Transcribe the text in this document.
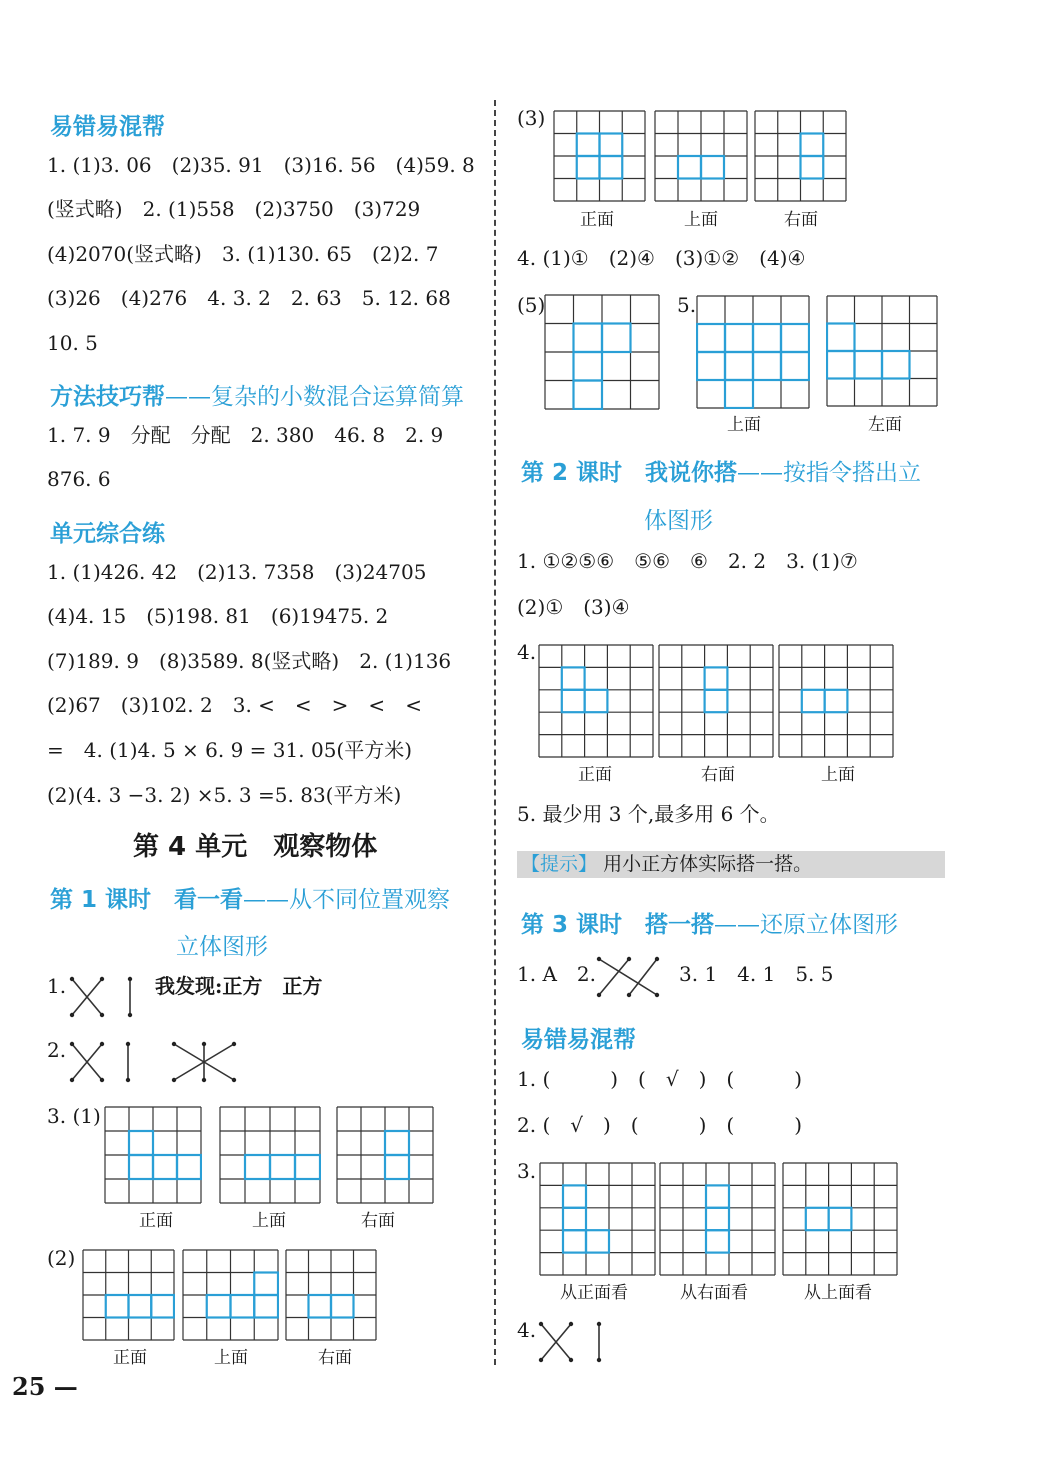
易错易混帮
1. (1)3. 06　(2)35. 91　(3)16. 56　(4)59. 8
(竖式略)　2. (1)558　(2)3750　(3)729
(4)2070(竖式略)　3. (1)130. 65　(2)2. 7
(3)26　(4)276　4. 3. 2　2. 63　5. 12. 68
10. 5
方法技巧帮——复杂的小数混合运算简算
1. 7. 9　分配　分配　2. 380　46. 8　2. 9
876. 6
单元综合练
1. (1)426. 42　(2)13. 7358　(3)24705
(4)4. 15　(5)198. 81　(6)19475. 2
(7)189. 9　(8)3589. 8(竖式略)　2. (1)136
(2)67　(3)102. 2　3. <　<　>　<　<
=　4. (1)4. 5 × 6. 9 = 31. 05(平方米)
(2)(4. 3 −3. 2) ×5. 3 =5. 83(平方米)
第 4 单元　观察物体
第 1 课时　看一看——从不同位置观察
立体图形
1.	我发现:正方　正方
2.
3. (1)
正面	上面	右面
(2)
正面	上面	右面
(3)
正面	上面	右面
4. (1)①　(2)④　(3)①②　(4)④
(5)	5.
上面	左面
第 2 课时　我说你搭——按指令搭出立
体图形
1. ①②⑤⑥　⑤⑥　⑥　2. 2　3. (1)⑦
(2)①　(3)④
4.
正面	右面	上面
5. 最少用 3 个,最多用 6 个。
【提示】 用小正方体实际搭一搭。
第 3 课时　搭一搭——还原立体图形
1. A　2.	3. 1　4. 1　5. 5
易错易混帮
1. (　　　)　(　√　)　(　　　)
2. (　√　)　(　　　)　(　　　)
3.
从正面看	从右面看	从上面看
4.
25 —
